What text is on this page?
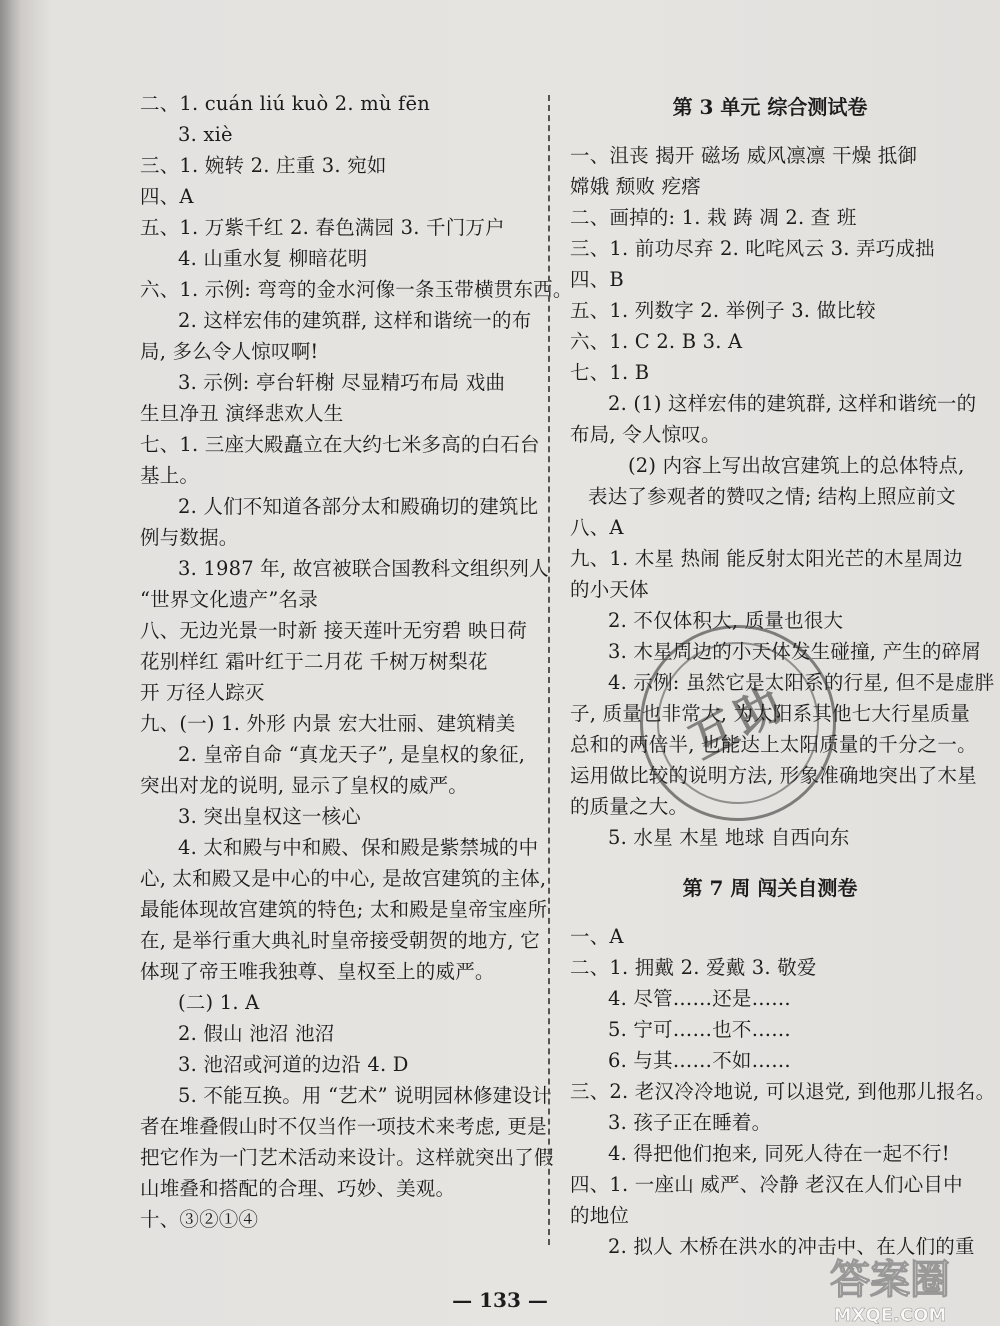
二、1. cuán liú kuò 2. mù fēn
3. xiè
三、1. 婉转 2. 庄重 3. 宛如
四、A
五、1. 万紫千红 2. 春色满园 3. 千门万户
4. 山重水复 柳暗花明
六、1. 示例: 弯弯的金水河像一条玉带横贯东西。
2. 这样宏伟的建筑群, 这样和谐统一的布
局, 多么令人惊叹啊!
3. 示例: 亭台轩榭 尽显精巧布局 戏曲
生旦净丑 演绎悲欢人生
七、1. 三座大殿矗立在大约七米多高的白石台
基上。
2. 人们不知道各部分太和殿确切的建筑比
例与数据。
3. 1987 年, 故宫被联合国教科文组织列人
“世界文化遗产”名录
八、无边光景一时新 接天莲叶无穷碧 映日荷
花别样红 霜叶红于二月花 千树万树梨花
开 万径人踪灭
九、(一) 1. 外形 内景 宏大壮丽、建筑精美
2. 皇帝自命 “真龙天子”, 是皇权的象征,
突出对龙的说明, 显示了皇权的威严。
3. 突出皇权这一核心
4. 太和殿与中和殿、保和殿是紫禁城的中
心, 太和殿又是中心的中心, 是故宫建筑的主体,
最能体现故宫建筑的特色; 太和殿是皇帝宝座所
在, 是举行重大典礼时皇帝接受朝贺的地方, 它
体现了帝王唯我独尊、皇权至上的威严。
(二) 1. A
2. 假山 池沼 池沼
3. 池沼或河道的边沿 4. D
5. 不能互换。用 “艺术” 说明园林修建设计
者在堆叠假山时不仅当作一项技术来考虑, 更是
把它作为一门艺术活动来设计。这样就突出了假
山堆叠和搭配的合理、巧妙、美观。
十、③②①④
第 3 单元 综合测试卷
一、沮丧 揭开 磁场 威风凛凛 干燥 抵御
嫦娥 颓败 疙瘩
二、画掉的: 1. 栽 踌 凋 2. 查 班
三、1. 前功尽弃 2. 叱咤风云 3. 弄巧成拙
四、B
五、1. 列数字 2. 举例子 3. 做比较
六、1. C 2. B 3. A
七、1. B
2. (1) 这样宏伟的建筑群, 这样和谐统一的
布局, 令人惊叹。
(2) 内容上写出故宫建筑上的总体特点,
表达了参观者的赞叹之情; 结构上照应前文
八、A
九、1. 木星 热闹 能反射太阳光芒的木星周边
的小天体
2. 不仅体积大, 质量也很大
3. 木星周边的小天体发生碰撞, 产生的碎屑
4. 示例: 虽然它是太阳系的行星, 但不是虚胖
子, 质量也非常大, 为太阳系其他七大行星质量
总和的两倍半, 也能达上太阳质量的千分之一。
运用做比较的说明方法, 形象准确地突出了木星
的质量之大。
5. 水星 木星 地球 自西向东
第 7 周 闯关自测卷
一、A
二、1. 拥戴 2. 爱戴 3. 敬爱
4. 尽管……还是……
5. 宁可……也不……
6. 与其……不如……
三、2. 老汉冷冷地说, 可以退党, 到他那儿报名。
3. 孩子正在睡着。
4. 得把他们抱来, 同死人待在一起不行!
四、1. 一座山 威严、冷静 老汉在人们心目中
的地位
2. 拟人 木桥在洪水的冲击中、在人们的重
互助
— 133 —	答案圈
MXQE.COM
